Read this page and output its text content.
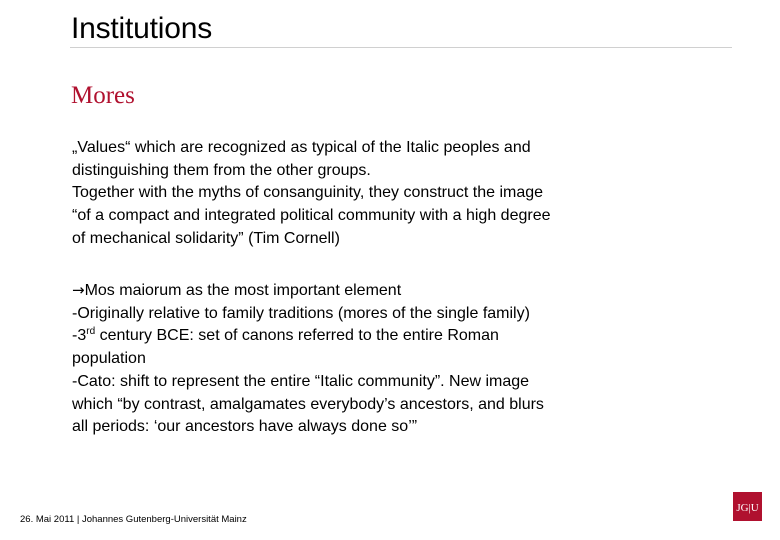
Institutions
Mores
„Values“ which are recognized as typical of the Italic peoples and
distinguishing them from the other groups.
Together with the myths of consanguinity, they construct the image
“of a compact and integrated political community with a high degree
of mechanical solidarity” (Tim Cornell)
→Mos maiorum as the most important element
-Originally relative to family traditions (mores of the single family)
-3rd century BCE: set of canons referred to the entire Roman
population
-Cato: shift to represent the entire “Italic community”. New image
which “by contrast, amalgamates everybody’s ancestors, and blurs
all periods: ‘our ancestors have always done so’”
26. Mai 2011 | Johannes Gutenberg-Universität Mainz
JG|U
